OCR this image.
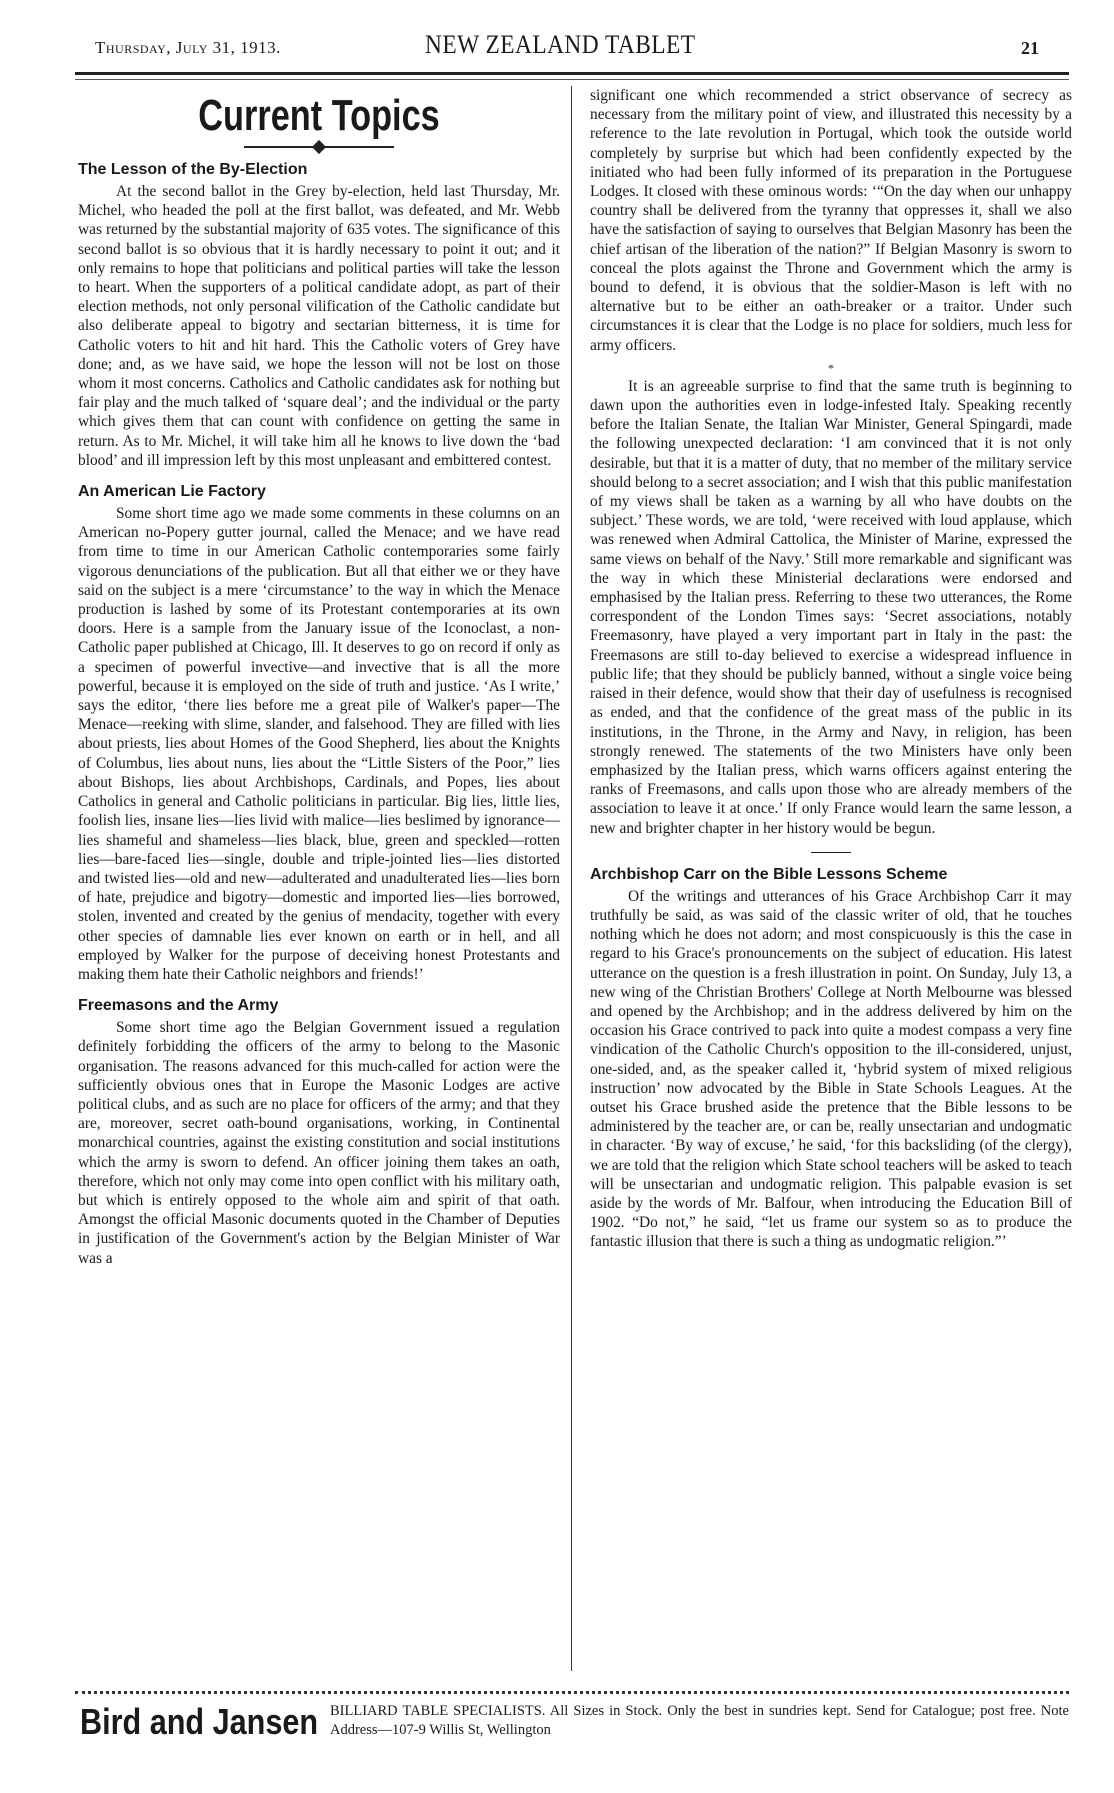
Thursday, July 31, 1913.	NEW ZEALAND TABLET	21
Current Topics
The Lesson of the By-Election

At the second ballot in the Grey by-election, held last Thursday, Mr. Michel, who headed the poll at the first ballot, was defeated, and Mr. Webb was returned by the substantial majority of 635 votes. The significance of this second ballot is so obvious that it is hardly necessary to point it out; and it only remains to hope that politicians and political parties will take the lesson to heart. When the supporters of a political candidate adopt, as part of their election methods, not only personal vilification of the Catholic candidate but also deliberate appeal to bigotry and sectarian bitterness, it is time for Catholic voters to hit and hit hard. This the Catholic voters of Grey have done; and, as we have said, we hope the lesson will not be lost on those whom it most concerns. Catholics and Catholic candidates ask for nothing but fair play and the much talked of ‘square deal’; and the individual or the party which gives them that can count with confidence on getting the same in return. As to Mr. Michel, it will take him all he knows to live down the ‘bad blood’ and ill impression left by this most unpleasant and embittered contest.

An American Lie Factory

Some short time ago we made some comments in these columns on an American no-Popery gutter journal, called the Menace; and we have read from time to time in our American Catholic contemporaries some fairly vigorous denunciations of the publication. But all that either we or they have said on the subject is a mere ‘circumstance’ to the way in which the Menace production is lashed by some of its Protestant contemporaries at its own doors. Here is a sample from the January issue of the Iconoclast, a non-Catholic paper published at Chicago, Ill. It deserves to go on record if only as a specimen of powerful invective—and invective that is all the more powerful, because it is employed on the side of truth and justice. ‘As I write,’ says the editor, ‘there lies before me a great pile of Walker's paper—The Menace—reeking with slime, slander, and falsehood. They are filled with lies about priests, lies about Homes of the Good Shepherd, lies about the Knights of Columbus, lies about nuns, lies about the “Little Sisters of the Poor,” lies about Bishops, lies about Archbishops, Cardinals, and Popes, lies about Catholics in general and Catholic politicians in particular. Big lies, little lies, foolish lies, insane lies—lies livid with malice—lies beslimed by ignorance—lies shameful and shameless—lies black, blue, green and speckled—rotten lies—bare-faced lies—single, double and triple-jointed lies—lies distorted and twisted lies—old and new—adulterated and unadulterated lies—lies born of hate, prejudice and bigotry—domestic and imported lies—lies borrowed, stolen, invented and created by the genius of mendacity, together with every other species of damnable lies ever known on earth or in hell, and all employed by Walker for the purpose of deceiving honest Protestants and making them hate their Catholic neighbors and friends!’

Freemasons and the Army

Some short time ago the Belgian Government issued a regulation definitely forbidding the officers of the army to belong to the Masonic organisation. The reasons advanced for this much-called for action were the sufficiently obvious ones that in Europe the Masonic Lodges are active political clubs, and as such are no place for officers of the army; and that they are, moreover, secret oath-bound organisations, working, in Continental monarchical countries, against the existing constitution and social institutions which the army is sworn to defend. An officer joining them takes an oath, therefore, which not only may come into open conflict with his military oath, but which is entirely opposed to the whole aim and spirit of that oath. Amongst the official Masonic documents quoted in the Chamber of Deputies in justification of the Government's action by the Belgian Minister of War was a

significant one which recommended a strict observance of secrecy as necessary from the military point of view, and illustrated this necessity by a reference to the late revolution in Portugal, which took the outside world completely by surprise but which had been confidently expected by the initiated who had been fully informed of its preparation in the Portuguese Lodges. It closed with these ominous words: ‘“On the day when our unhappy country shall be delivered from the tyranny that oppresses it, shall we also have the satisfaction of saying to ourselves that Belgian Masonry has been the chief artisan of the liberation of the nation?” If Belgian Masonry is sworn to conceal the plots against the Throne and Government which the army is bound to defend, it is obvious that the soldier-Mason is left with no alternative but to be either an oath-breaker or a traitor. Under such circumstances it is clear that the Lodge is no place for soldiers, much less for army officers.

*

It is an agreeable surprise to find that the same truth is beginning to dawn upon the authorities even in lodge-infested Italy. Speaking recently before the Italian Senate, the Italian War Minister, General Spingardi, made the following unexpected declaration: ‘I am convinced that it is not only desirable, but that it is a matter of duty, that no member of the military service should belong to a secret association; and I wish that this public manifestation of my views shall be taken as a warning by all who have doubts on the subject.’ These words, we are told, ‘were received with loud applause, which was renewed when Admiral Cattolica, the Minister of Marine, expressed the same views on behalf of the Navy.’ Still more remarkable and significant was the way in which these Ministerial declarations were endorsed and emphasised by the Italian press. Referring to these two utterances, the Rome correspondent of the London Times says: ‘Secret associations, notably Freemasonry, have played a very important part in Italy in the past: the Freemasons are still to-day believed to exercise a widespread influence in public life; that they should be publicly banned, without a single voice being raised in their defence, would show that their day of usefulness is recognised as ended, and that the confidence of the great mass of the public in its institutions, in the Throne, in the Army and Navy, in religion, has been strongly renewed. The statements of the two Ministers have only been emphasized by the Italian press, which warns officers against entering the ranks of Freemasons, and calls upon those who are already members of the association to leave it at once.’ If only France would learn the same lesson, a new and brighter chapter in her history would be begun.

Archbishop Carr on the Bible Lessons Scheme

Of the writings and utterances of his Grace Archbishop Carr it may truthfully be said, as was said of the classic writer of old, that he touches nothing which he does not adorn; and most conspicuously is this the case in regard to his Grace's pronouncements on the subject of education. His latest utterance on the question is a fresh illustration in point. On Sunday, July 13, a new wing of the Christian Brothers' College at North Melbourne was blessed and opened by the Archbishop; and in the address delivered by him on the occasion his Grace contrived to pack into quite a modest compass a very fine vindication of the Catholic Church's opposition to the ill-considered, unjust, one-sided, and, as the speaker called it, ‘hybrid system of mixed religious instruction’ now advocated by the Bible in State Schools Leagues. At the outset his Grace brushed aside the pretence that the Bible lessons to be administered by the teacher are, or can be, really unsectarian and undogmatic in character. ‘By way of excuse,’ he said, ‘for this backsliding (of the clergy), we are told that the religion which State school teachers will be asked to teach will be unsectarian and undogmatic religion. This palpable evasion is set aside by the words of Mr. Balfour, when introducing the Education Bill of 1902. “Do not,” he said, “let us frame our system so as to produce the fantastic illusion that there is such a thing as undogmatic religion.”’

Bird and Jansen BILLIARD TABLE SPECIALISTS. All Sizes in Stock. Only the best in sundries kept. Send for Catalogue; post free. Note Address—107-9 Willis St, Wellington
